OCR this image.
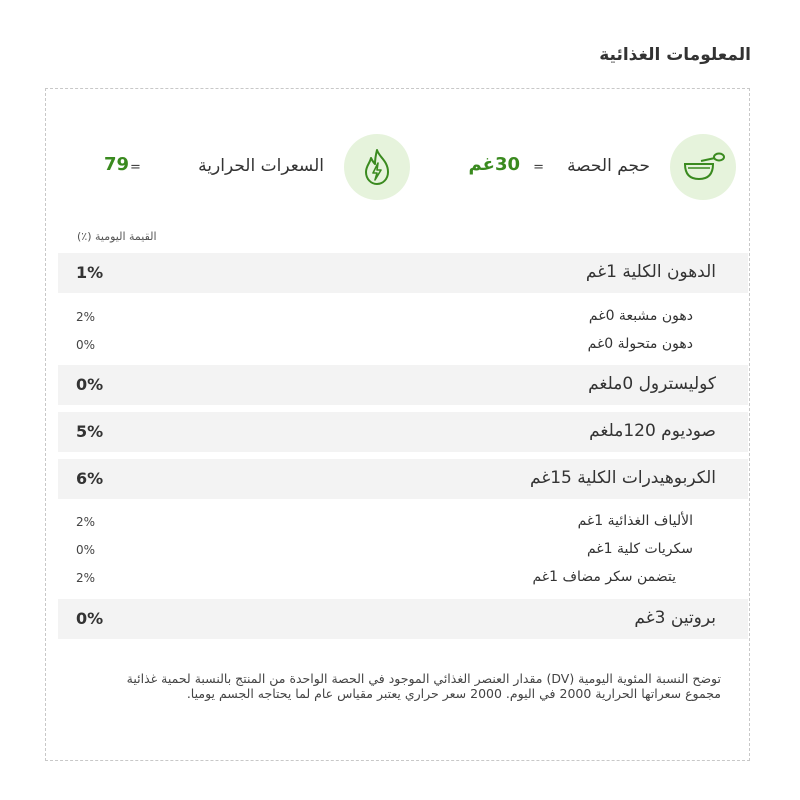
المعلومات الغذائية
حجم الحصة
=
30غم
السعرات الحرارية
=
79
القيمة اليومية (٪)
الدهون الكلية 1غم
1%
دهون مشبعة 0غم
2%
دهون متحولة 0غم
0%
كوليسترول 0ملغم
0%
صوديوم 120ملغم
5%
الكربوهيدرات الكلية 15غم
6%
الألياف الغذائية 1غم
2%
سكريات كلية 1غم
0%
يتضمن سكر مضاف 1غم
2%
بروتين 3غم
0%
توضح النسبة المئوية اليومية (DV) مقدار العنصر الغذائي الموجود في الحصة الواحدة من المنتج بالنسبة لحمية غذائية مجموع سعراتها الحرارية 2000 في اليوم. 2000 سعر حراري يعتبر مقياس عام لما يحتاجه الجسم يوميا.
